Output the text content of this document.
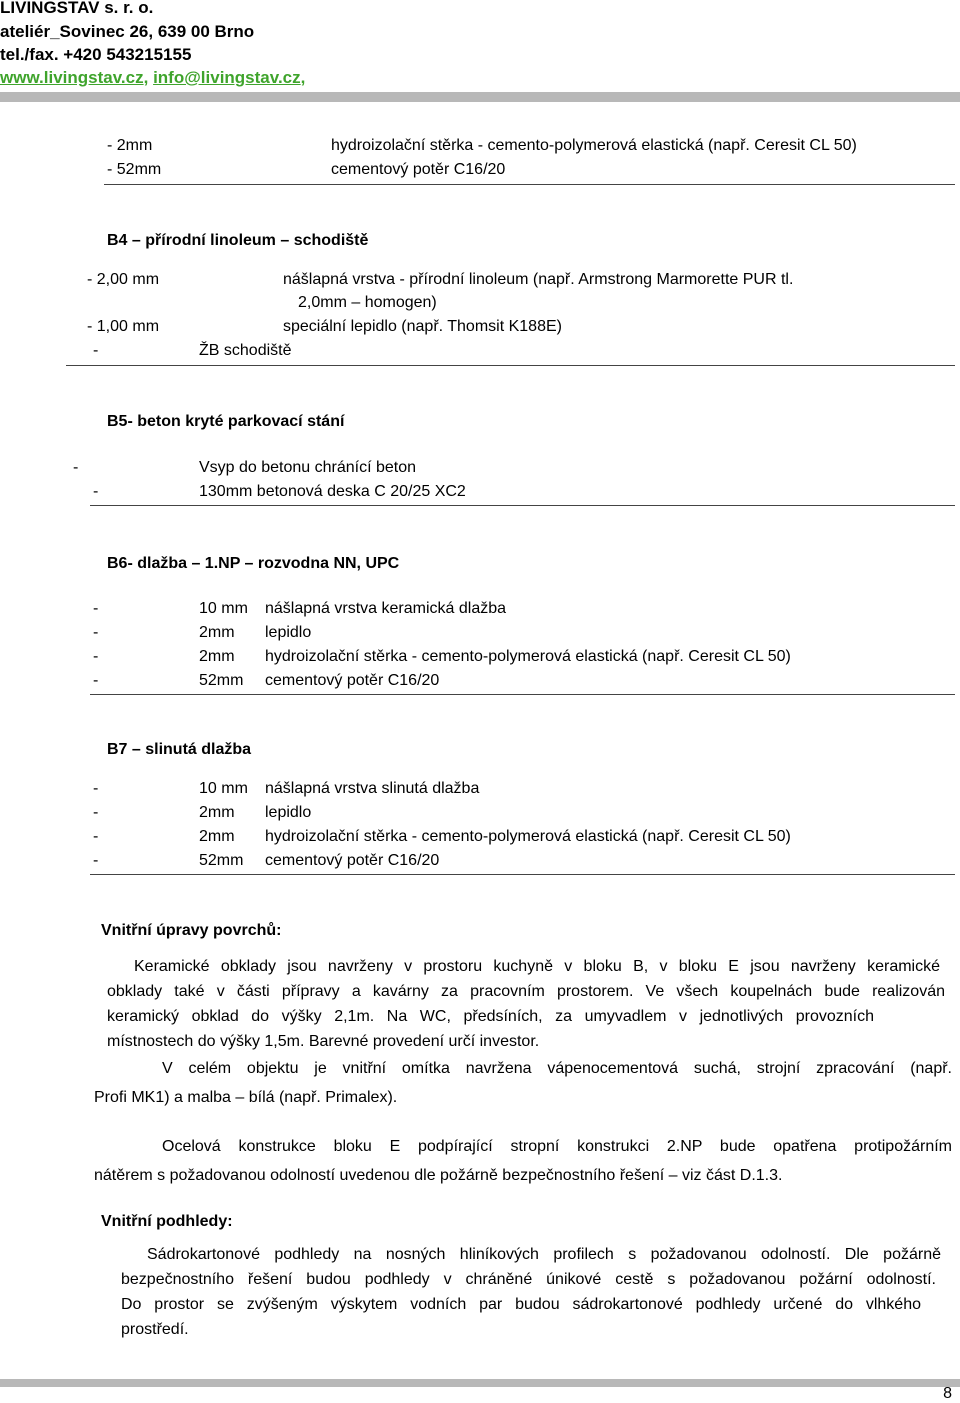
LIVINGSTAV s. r. o.
ateliér_Sovinec 26, 639 00 Brno
tel./fax. +420 543215155
www.livingstav.cz, info@livingstav.cz,
- 2mm	hydroizolační stěrka - cemento-polymerová elastická (např. Ceresit CL 50)
- 52mm	cementový potěr C16/20
B4 – přírodní linoleum – schodiště
- 2,00 mm	nášlapná vrstva - přírodní linoleum (např. Armstrong Marmorette PUR tl.
2,0mm – homogen)
- 1,00 mm	speciální lepidlo (např. Thomsit K188E)
-	ŽB schodiště
B5- beton kryté parkovací stání
-	Vsyp do betonu chránící beton
-	130mm betonová deska C 20/25 XC2
B6- dlažba – 1.NP – rozvodna NN, UPC
-	10 mm nášlapná vrstva keramická dlažba
-	2mm lepidlo
-	2mm hydroizolační stěrka - cemento-polymerová elastická (např. Ceresit CL 50)
-	52mm cementový potěr C16/20
B7 – slinutá dlažba
-	10 mm nášlapná vrstva slinutá dlažba
-	2mm lepidlo
-	2mm hydroizolační stěrka - cemento-polymerová elastická (např. Ceresit CL 50)
-	52mm cementový potěr C16/20
Vnitřní úpravy povrchů:
Keramické obklady jsou navrženy v prostoru kuchyně v bloku B, v bloku E jsou navrženy keramické
obklady také v části přípravy a kavárny za pracovním prostorem. Ve všech koupelnách bude realizován
keramický obklad do výšky 2,1m. Na WC, předsíních, za umyvadlem v jednotlivých provozních
místnostech do výšky 1,5m. Barevné provedení určí investor.
V celém objektu je vnitřní omítka navržena vápenocementová suchá, strojní zpracování (např.
Profi MK1) a malba – bílá (např. Primalex).
Ocelová konstrukce bloku E podpírající stropní konstrukci 2.NP bude opatřena protipožárním
nátěrem s požadovanou odolností uvedenou dle požárně bezpečnostního řešení – viz část D.1.3.
Vnitřní podhledy:
Sádrokartonové podhledy na nosných hliníkových profilech s požadovanou odolností. Dle požárně
bezpečnostního řešení budou podhledy v chráněné únikové cestě s požadovanou požární odolností.
Do prostor se zvýšeným výskytem vodních par budou sádrokartonové podhledy určené do vlhkého
prostředí.
8
